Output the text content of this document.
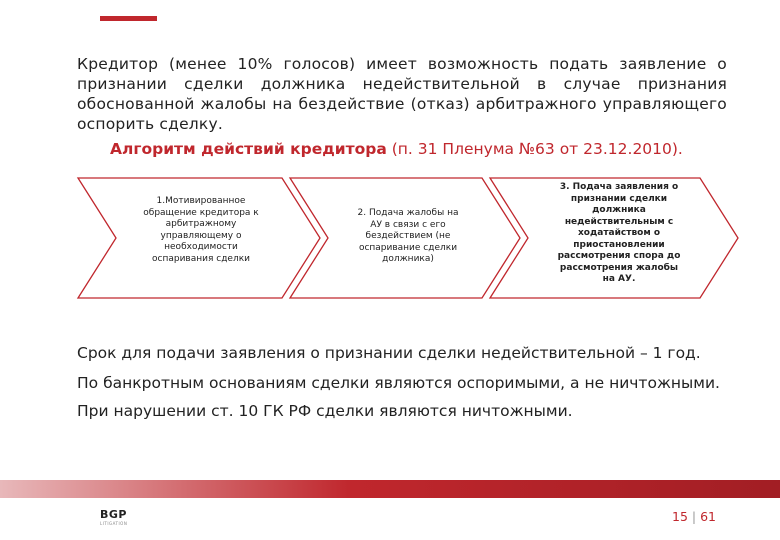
Кредитор (менее 10% голосов) имеет возможность подать заявление о признании сделки должника недействительной в случае признания обоснованной жалобы на бездействие (отказ) арбитражного управляющего оспорить сделку.

Алгоритм действий кредитора (п. 31 Пленума №63 от 23.12.2010).
1.Мотивированное обращение кредитора к арбитражному управляющему о необходимости оспаривания сделки
2. Подача жалобы на АУ в связи с его бездействием (не оспаривание сделки должника)
3. Подача заявления о признании сделки должника недействительным с ходатайством о приостановлении рассмотрения спора до рассмотрения жалобы на АУ.

Срок для подачи заявления о признании сделки недействительной – 1 год.

По банкротным основаниям сделки являются оспоримыми, а не ничтожными.

При нарушении ст. 10 ГК РФ сделки являются ничтожными.

BGP
LITIGATION	15 | 61
